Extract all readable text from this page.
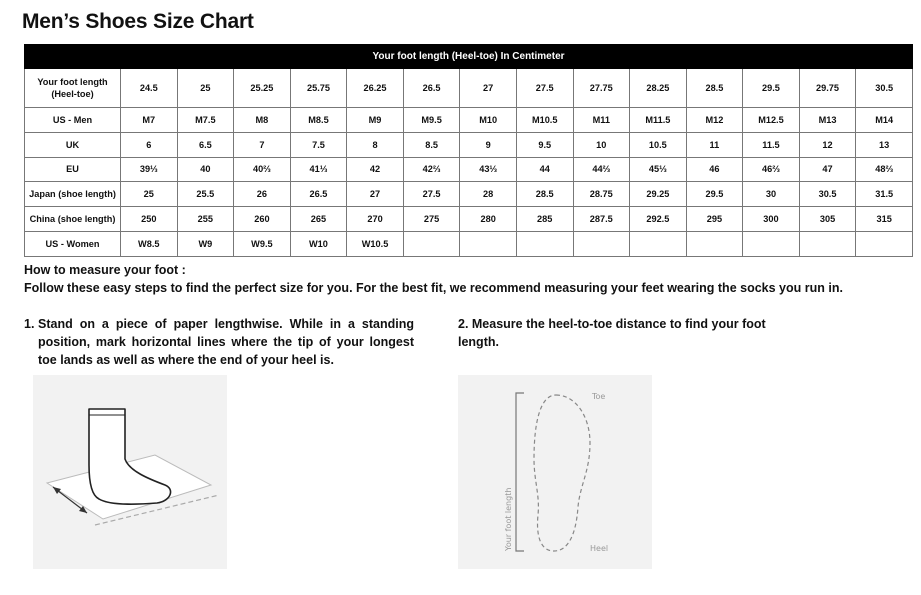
Men’s Shoes Size Chart
Your foot length (Heel-toe) In Centimeter														
Your foot length (Heel-toe)	24.5	25	25.25	25.75	26.25	26.5	27	27.5	27.75	28.25	28.5	29.5	29.75	30.5
US - Men	M7	M7.5	M8	M8.5	M9	M9.5	M10	M10.5	M11	M11.5	M12	M12.5	M13	M14
UK	6	6.5	7	7.5	8	8.5	9	9.5	10	10.5	11	11.5	12	13
EU	39⅓	40	40⅔	41⅓	42	42⅔	43⅓	44	44⅔	45⅓	46	46⅔	47	48⅔
Japan (shoe length)	25	25.5	26	26.5	27	27.5	28	28.5	28.75	29.25	29.5	30	30.5	31.5
China (shoe length)	250	255	260	265	270	275	280	285	287.5	292.5	295	300	305	315
US - Women	W8.5	W9	W9.5	W10	W10.5									
How to measure your foot :
Follow these easy steps to find the perfect size for you. For the best fit, we recommend measuring your feet wearing the socks you run in.
1. Stand on a piece of paper lengthwise. While in a standing position, mark horizontal lines where the tip of your longest toe lands as well as where the end of your heel is.
2. Measure the heel-to-toe distance to find your foot length.
Toe
Heel
Your foot length
